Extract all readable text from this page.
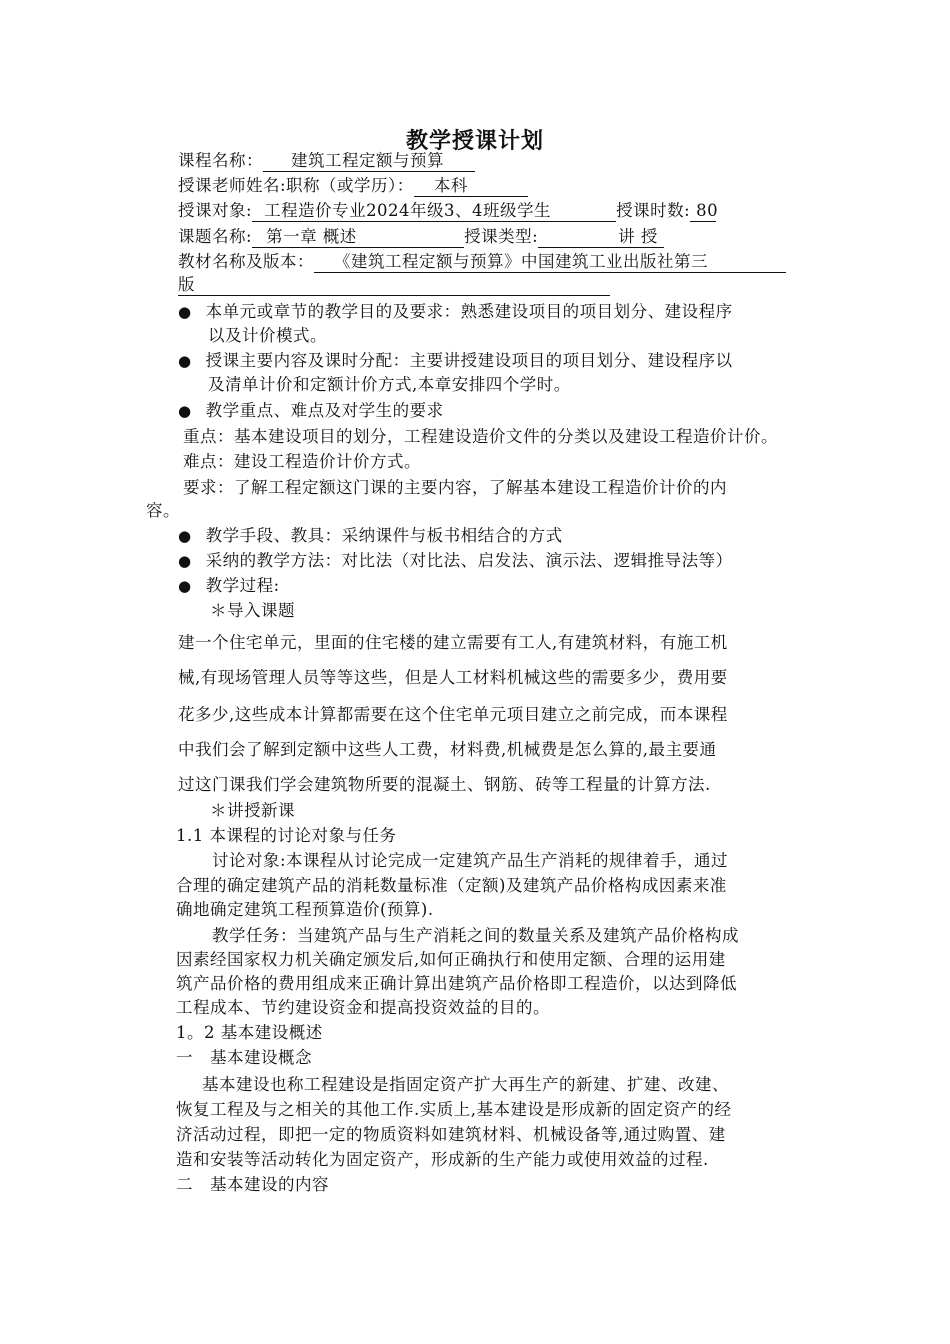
教学授课计划
课程名称： 建筑工程定额与预算
授课老师姓名:职称（或学历）： 本科
授课对象: 工程造价专业2024年级3、4班级学生	授课时数: 80
课题名称: 第一章 概述	授课类型:	讲 授
教材名称及版本： 《建筑工程定额与预算》中国建筑工业出版社第三
版
● 本单元或章节的教学目的及要求：熟悉建设项目的项目划分、建设程序
以及计价模式。
● 授课主要内容及课时分配：主要讲授建设项目的项目划分、建设程序以
及清单计价和定额计价方式,本章安排四个学时。
● 教学重点、难点及对学生的要求
重点：基本建设项目的划分，工程建设造价文件的分类以及建设工程造价计价。
难点：建设工程造价计价方式。
要求：了解工程定额这门课的主要内容，了解基本建设工程造价计价的内
容。
● 教学手段、教具：采纳课件与板书相结合的方式
● 采纳的教学方法：对比法（对比法、启发法、演示法、逻辑推导法等）
● 教学过程:
＊导入课题
建一个住宅单元，里面的住宅楼的建立需要有工人,有建筑材料，有施工机
械,有现场管理人员等等这些，但是人工材料机械这些的需要多少，费用要
花多少,这些成本计算都需要在这个住宅单元项目建立之前完成，而本课程
中我们会了解到定额中这些人工费，材料费,机械费是怎么算的,最主要通
过这门课我们学会建筑物所要的混凝土、钢筋、砖等工程量的计算方法.
＊讲授新课
1.1 本课程的讨论对象与任务
讨论对象:本课程从讨论完成一定建筑产品生产消耗的规律着手，通过
合理的确定建筑产品的消耗数量标准（定额)及建筑产品价格构成因素来准
确地确定建筑工程预算造价(预算).
教学任务：当建筑产品与生产消耗之间的数量关系及建筑产品价格构成
因素经国家权力机关确定颁发后,如何正确执行和使用定额、合理的运用建
筑产品价格的费用组成来正确计算出建筑产品价格即工程造价，以达到降低
工程成本、节约建设资金和提高投资效益的目的。
1。2 基本建设概述
一　基本建设概念
基本建设也称工程建设是指固定资产扩大再生产的新建、扩建、改建、
恢复工程及与之相关的其他工作.实质上,基本建设是形成新的固定资产的经
济活动过程，即把一定的物质资料如建筑材料、机械设备等,通过购置、建
造和安装等活动转化为固定资产，形成新的生产能力或使用效益的过程.
二　基本建设的内容
